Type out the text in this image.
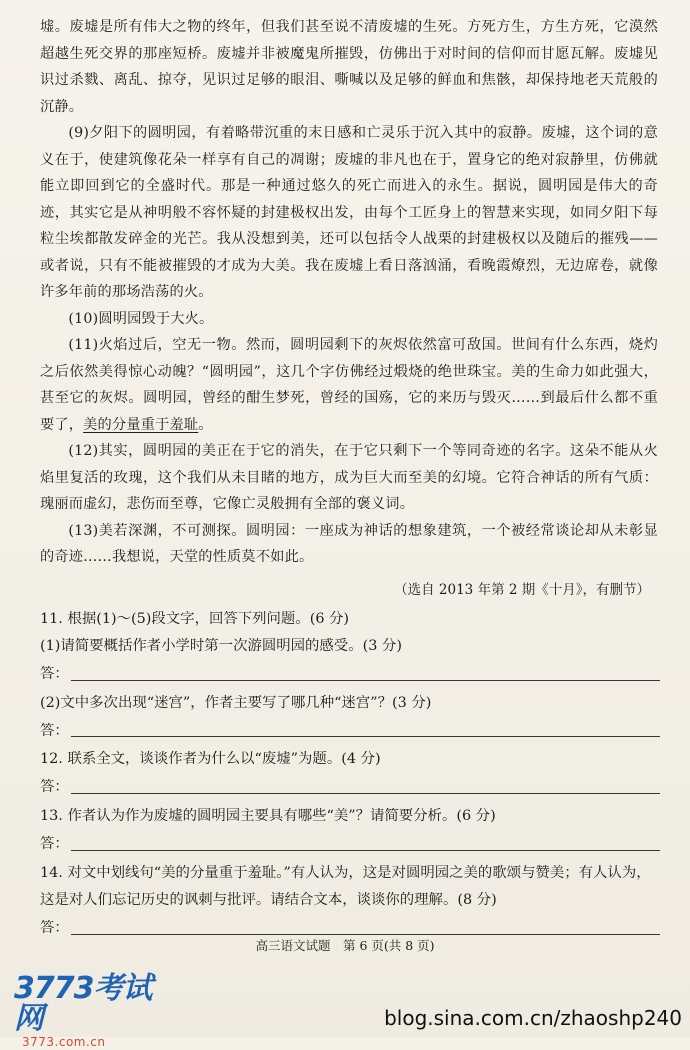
墟。废墟是所有伟大之物的终年，但我们甚至说不清废墟的生死。方死方生，方生方死，它漠然超越生死交界的那座短桥。废墟并非被魔鬼所摧毁，仿佛出于对时间的信仰而甘愿瓦解。废墟见识过杀戮、离乱、掠夺，见识过足够的眼泪、嘶喊以及足够的鲜血和焦骸，却保持地老天荒般的沉静。

(9)夕阳下的圆明园，有着略带沉重的末日感和亡灵乐于沉入其中的寂静。废墟，这个词的意义在于，使建筑像花朵一样享有自己的凋谢；废墟的非凡也在于，置身它的绝对寂静里，仿佛就能立即回到它的全盛时代。那是一种通过悠久的死亡而进入的永生。据说，圆明园是伟大的奇迹，其实它是从神明般不容怀疑的封建极权出发，由每个工匠身上的智慧来实现，如同夕阳下每粒尘埃都散发碎金的光芒。我从没想到美，还可以包括令人战栗的封建极权以及随后的摧残——或者说，只有不能被摧毁的才成为大美。我在废墟上看日落汹涌，看晚霞燎烈，无边席卷，就像许多年前的那场浩荡的火。

(10)圆明园毁于大火。

(11)火焰过后，空无一物。然而，圆明园剩下的灰烬依然富可敌国。世间有什么东西，烧灼之后依然美得惊心动魄？“圆明园”，这几个字仿佛经过煅烧的绝世珠宝。美的生命力如此强大，甚至它的灰烬。圆明园，曾经的酣生梦死，曾经的国殇，它的来历与毁灭……到最后什么都不重要了，美的分量重于羞耻。

(12)其实，圆明园的美正在于它的消失，在于它只剩下一个等同奇迹的名字。这朵不能从火焰里复活的玫瑰，这个我们从未目睹的地方，成为巨大而至美的幻境。它符合神话的所有气质：瑰丽而虚幻，悲伤而至尊，它像亡灵般拥有全部的褒义词。

(13)美若深渊，不可测探。圆明园：一座成为神话的想象建筑，一个被经常谈论却从未彰显的奇迹……我想说，天堂的性质莫不如此。

（选自 2013 年第 2 期《十月》，有删节）

11. 根据(1)～(5)段文字，回答下列问题。(6 分)

(1)请简要概括作者小学时第一次游圆明园的感受。(3 分)

答：

(2)文中多次出现“迷宫”，作者主要写了哪几种“迷宫”？(3 分)

答：

12. 联系全文，谈谈作者为什么以“废墟”为题。(4 分)

答：

13. 作者认为作为废墟的圆明园主要具有哪些“美”？请简要分析。(6 分)

答：

14. 对文中划线句“美的分量重于羞耻。”有人认为，这是对圆明园之美的歌颂与赞美；有人认为，这是对人们忘记历史的讽刺与批评。请结合文本，谈谈你的理解。(8 分)

答：
高三语文试题　第 6 页(共 8 页)
3773考试网
3773.com.cn
blog.sina.com.cn/zhaoshp240
